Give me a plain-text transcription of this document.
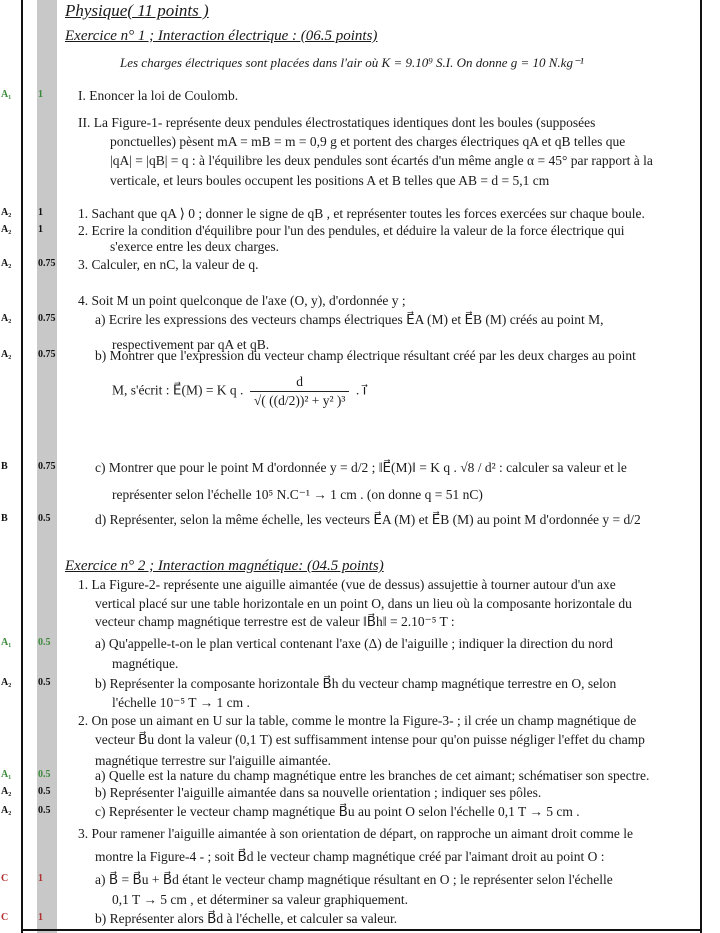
Physique( 11 points )
Exercice n° 1 ; Interaction électrique : (06.5 points)
Les charges électriques sont placées dans l'air où K = 9.10⁹ S.I. On donne g = 10 N.kg⁻¹
I. Enoncer la loi de Coulomb.
II. La Figure-1- représente deux pendules électrostatiques identiques dont les boules (supposées
ponctuelles) pèsent mA = mB = m = 0,9 g et portent des charges électriques qA et qB telles que
|qA| = |qB| = q : à l'équilibre les deux pendules sont écartés d'un même angle α = 45° par rapport à la
verticale, et leurs boules occupent les positions A et B telles que AB = d = 5,1 cm
1. Sachant que qA ⟩ 0 ; donner le signe de qB , et représenter toutes les forces exercées sur chaque boule.
2. Ecrire la condition d'équilibre pour l'un des pendules, et déduire la valeur de la force électrique qui
s'exerce entre les deux charges.
3. Calculer, en nC, la valeur de q.
4. Soit M un point quelconque de l'axe (O, y), d'ordonnée y ;
a) Ecrire les expressions des vecteurs champs électriques E⃗A (M) et E⃗B (M) créés au point M,
respectivement par qA et qB.
b) Montrer que l'expression du vecteur champ électrique résultant créé par les deux charges au point
c) Montrer que pour le point M d'ordonnée y = d/2 ; ‖E⃗(M)‖ = K q . √8 / d² : calculer sa valeur et le
représenter selon l'échelle 10⁵ N.C⁻¹ → 1 cm . (on donne q = 51 nC)
d) Représenter, selon la même échelle, les vecteurs E⃗A (M) et E⃗B (M) au point M d'ordonnée y = d/2
M, s'écrit : E⃗(M) = K q . $\frac{d}{\text{√( ((d/2))² + y² )³}}$ . i⃗
Exercice n° 2 ; Interaction magnétique: (04.5 points)
1. La Figure-2- représente une aiguille aimantée (vue de dessus) assujettie à tourner autour d'un axe
vertical placé sur une table horizontale en un point O, dans un lieu où la composante horizontale du
vecteur champ magnétique terrestre est de valeur ‖B⃗h‖ = 2.10⁻⁵ T :
a) Qu'appelle-t-on le plan vertical contenant l'axe (Δ) de l'aiguille ; indiquer la direction du nord
magnétique.
b) Représenter la composante horizontale B⃗h du vecteur champ magnétique terrestre en O, selon
l'échelle 10⁻⁵ T → 1 cm .
2. On pose un aimant en U sur la table, comme le montre la Figure-3- ; il crée un champ magnétique de
vecteur B⃗u dont la valeur (0,1 T) est suffisamment intense pour qu'on puisse négliger l'effet du champ
magnétique terrestre sur l'aiguille aimantée.
a) Quelle est la nature du champ magnétique entre les branches de cet aimant; schématiser son spectre.
b) Représenter l'aiguille aimantée dans sa nouvelle orientation ; indiquer ses pôles.
c) Représenter le vecteur champ magnétique B⃗u au point O selon l'échelle 0,1 T → 5 cm .
3. Pour ramener l'aiguille aimantée à son orientation de départ, on rapproche un aimant droit comme le
montre la Figure-4 - ; soit B⃗d le vecteur champ magnétique créé par l'aimant droit au point O :
a) B⃗ = B⃗u + B⃗d étant le vecteur champ magnétique résultant en O ; le représenter selon l'échelle
0,1 T → 5 cm , et déterminer sa valeur graphiquement.
b) Représenter alors B⃗d à l'échelle, et calculer sa valeur.
A₁	1
A₂	1
A₂	1
A₂	0.75
A₂	0.75
A₂	0.75
B	0.75
B	0.5
A₁	0.5
A₂	0.5
A₁	0.5
A₂	0.5
A₂	0.5
C	1
C	1
